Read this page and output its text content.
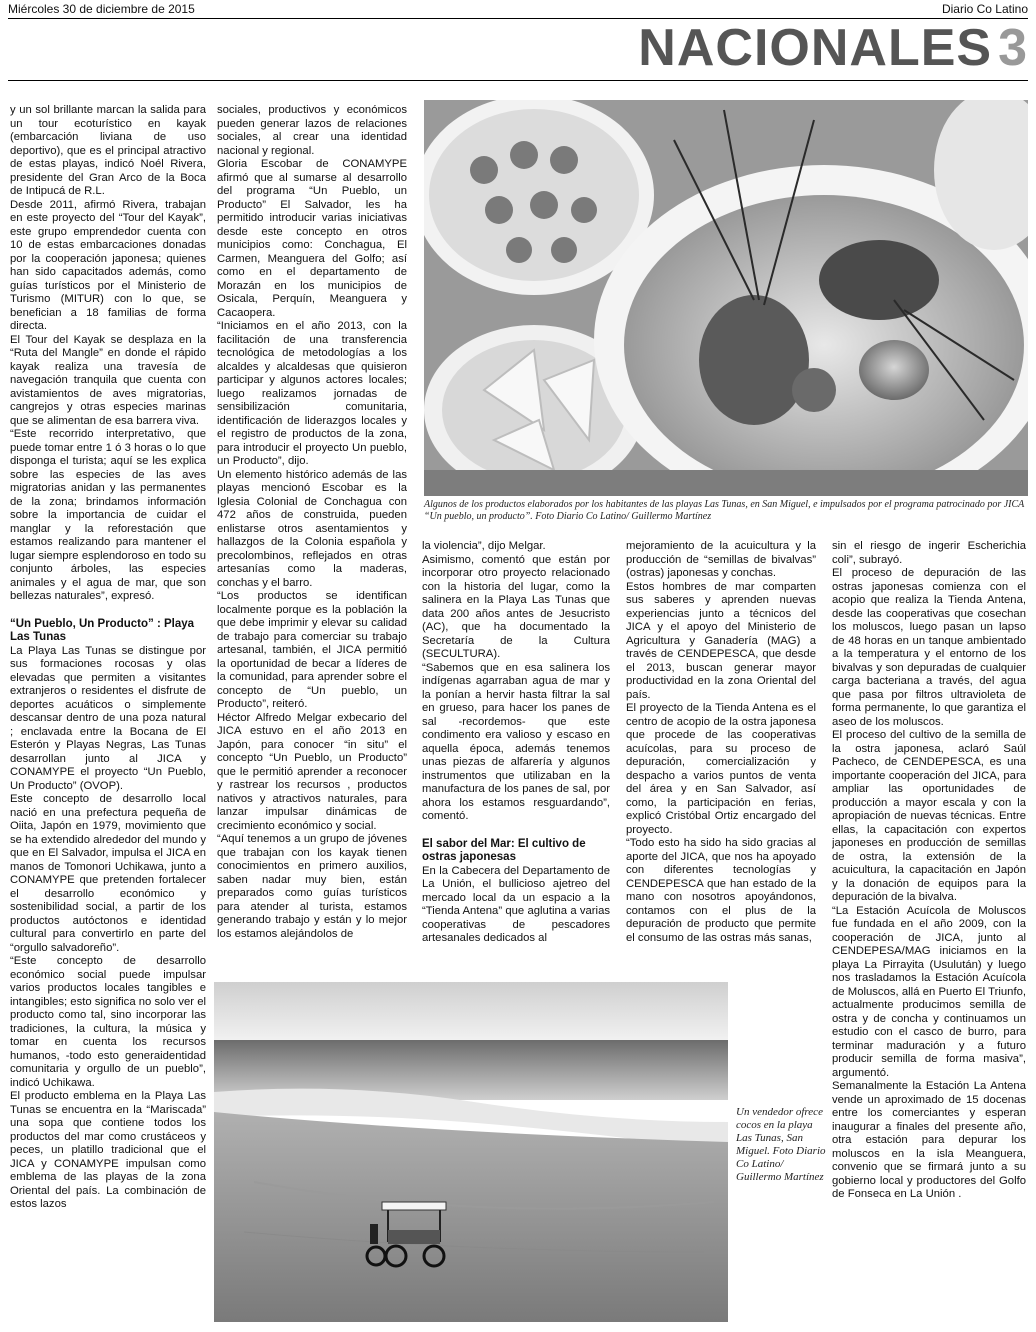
Miércoles 30 de diciembre de 2015	Diario Co Latino
NACIONALES 3

y un sol brillante marcan la salida para un tour ecoturístico en kayak (embarcación liviana de uso deportivo), que es el principal atractivo de estas playas, indicó Noél Rivera, presidente del Gran Arco de la Boca de Intipucá de R.L.

Desde 2011, afirmó Rivera, trabajan en este proyecto del “Tour del Kayak”, este grupo emprendedor cuenta con 10 de estas embarcaciones donadas por la cooperación japonesa; quienes han sido capacitados además, como guías turísticos por el Ministerio de Turismo (MITUR) con lo que, se benefician a 18 familias de forma directa.

El Tour del Kayak se desplaza en la “Ruta del Mangle” en donde el rápido kayak realiza una travesía de navegación tranquila que cuenta con avistamientos de aves migratorias, cangrejos y otras especies marinas que se alimentan de esa barrera viva.

“Este recorrido interpretativo, que puede tomar entre 1 ó 3 horas o lo que disponga el turista; aquí se les explica sobre las especies de las aves migratorias anidan y las permanentes de la zona; brindamos información sobre la importancia de cuidar el manglar y la reforestación que estamos realizando para mantener el lugar siempre esplendoroso en todo su conjunto árboles, las especies animales y el agua de mar, que son bellezas naturales”, expresó.

“Un Pueblo, Un Producto” : Playa Las Tunas

La Playa Las Tunas se distingue por sus formaciones rocosas y olas elevadas que permiten a visitantes extranjeros o residentes el disfrute de deportes acuáticos o simplemente descansar dentro de una poza natural ; enclavada entre la Bocana de El Esterón y Playas Negras, Las Tunas desarrollan junto al JICA y CONAMYPE el proyecto “Un Pueblo, Un Producto” (OVOP).

Este concepto de desarrollo local nació en una prefectura pequeña de Oiita, Japón en 1979, movimiento que se ha extendido alrededor del mundo y que en El Salvador, impulsa el JICA en manos de Tomonori Uchikawa, junto a CONAMYPE que pretenden fortalecer el desarrollo económico y sostenibilidad social, a partir de los productos autóctonos e identidad cultural para convertirlo en parte del “orgullo salvadoreño”.

“Este concepto de desarrollo económico social puede impulsar varios productos locales tangibles e intangibles; esto significa no solo ver el producto como tal, sino incorporar las tradiciones, la cultura, la música y tomar en cuenta los recursos humanos, -todo esto generaidentidad comunitaria y orgullo de un pueblo”, indicó Uchikawa.

El producto emblema en la Playa Las Tunas se encuentra en la “Mariscada” una sopa que contiene todos los productos del mar como crustáceos y peces, un platillo tradicional que el JICA y CONAMYPE impulsan como emblema de las playas de la zona Oriental del país. La combinación de estos lazos

sociales, productivos y económicos pueden generar lazos de relaciones sociales, al crear una identidad nacional y regional.

Gloria Escobar de CONAMYPE afirmó que al sumarse al desarrollo del programa “Un Pueblo, un Producto” El Salvador, les ha permitido introducir varias iniciativas desde este concepto en otros municipios como: Conchagua, El Carmen, Meanguera del Golfo; así como en el departamento de Morazán en los municipios de Osicala, Perquín, Meanguera y Cacaopera.

“Iniciamos en el año 2013, con la facilitación de una transferencia tecnológica de metodologías a los alcaldes y alcaldesas que quisieron participar y algunos actores locales; luego realizamos jornadas de sensibilización comunitaria, identificación de liderazgos locales y el registro de productos de la zona, para introducir el proyecto Un pueblo, un Producto”, dijo.

Un elemento histórico además de las playas mencionó Escobar es la Iglesia Colonial de Conchagua con 472 años de construida, pueden enlistarse otros asentamientos y hallazgos de la Colonia española y precolombinos, reflejados en otras artesanías como la maderas, conchas y el barro.

“Los productos se identifican localmente porque es la población la que debe imprimir y elevar su calidad de trabajo para comerciar su trabajo artesanal, también, el JICA permitió la oportunidad de becar a líderes de la comunidad, para aprender sobre el concepto de “Un pueblo, un Producto”, reiteró.

Héctor Alfredo Melgar exbecario del JICA estuvo en el año 2013 en Japón, para conocer “in situ” el concepto “Un Pueblo, un Producto” que le permitió aprender a reconocer y rastrear los recursos , productos nativos y atractivos naturales, para lanzar impulsar dinámicas de crecimiento económico y social.

“Aquí tenemos a un grupo de jóvenes que trabajan con los kayak tienen conocimientos en primero auxilios, saben nadar muy bien, están preparados como guías turísticos para atender al turista, estamos generando trabajo y están y lo mejor los estamos alejándolos de

Algunos de los productos elaborados por los habitantes de las playas Las Tunas, en San Miguel, e impulsados por el programa patrocinado por JICA “Un pueblo, un producto”. Foto Diario Co Latino/ Guillermo Martínez

la violencia”, dijo Melgar.

Asimismo, comentó que están por incorporar otro proyecto relacionado con la historia del lugar, como la salinera en la Playa Las Tunas que data 200 años antes de Jesucristo (AC), que ha documentado la Secretaría de la Cultura (SECULTURA).

“Sabemos que en esa salinera los indígenas agarraban agua de mar y la ponían a hervir hasta filtrar la sal en grueso, para hacer los panes de sal -recordemos- que este condimento era valioso y escaso en aquella época, además tenemos unas piezas de alfarería y algunos instrumentos que utilizaban en la manufactura de los panes de sal, por ahora los estamos resguardando”, comentó.

El sabor del Mar: El cultivo de ostras japonesas

En la Cabecera del Departamento de La Unión, el bullicioso ajetreo del mercado local da un espacio a la “Tienda Antena” que aglutina a varias cooperativas de pescadores artesanales dedicados al

mejoramiento de la acuicultura y la producción de “semillas de bivalvas” (ostras) japonesas y conchas.

Estos hombres de mar comparten sus saberes y aprenden nuevas experiencias junto a técnicos del JICA y el apoyo del Ministerio de Agricultura y Ganadería (MAG) a través de CENDEPESCA, que desde el 2013, buscan generar mayor productividad en la zona Oriental del país.

El proyecto de la Tienda Antena es el centro de acopio de la ostra japonesa que procede de las cooperativas acuícolas, para su proceso de depuración, comercialización y despacho a varios puntos de venta del área y en San Salvador, así como, la participación en ferias, explicó Cristóbal Ortiz encargado del proyecto.

“Todo esto ha sido ha sido gracias al aporte del JICA, que nos ha apoyado con diferentes tecnologías y CENDEPESCA que han estado de la mano con nosotros apoyándonos, contamos con el plus de la depuración de producto que permite el consumo de las ostras más sanas,

sin el riesgo de ingerir Escherichia coli”, subrayó.

El proceso de depuración de las ostras japonesas comienza con el acopio que realiza la Tienda Antena, desde las cooperativas que cosechan los moluscos, luego pasan un lapso de 48 horas en un tanque ambientado a la temperatura y el entorno de los bivalvas y son depuradas de cualquier carga bacteriana a través, del agua que pasa por filtros ultravioleta de forma permanente, lo que garantiza el aseo de los moluscos.

El proceso del cultivo de la semilla de la ostra japonesa, aclaró Saúl Pacheco, de CENDEPESCA, es una importante cooperación del JICA, para ampliar las oportunidades de producción a mayor escala y con la apropiación de nuevas técnicas. Entre ellas, la capacitación con expertos japoneses en producción de semillas de ostra, la extensión de la acuicultura, la capacitación en Japón y la donación de equipos para la depuración de la bivalva.

“La Estación Acuícola de Moluscos fue fundada en el año 2009, con la cooperación de JICA, junto al CENDEPESA/MAG iniciamos en la playa La Pirrayita (Usulután) y luego nos trasladamos la Estación Acuícola de Moluscos, allá en Puerto El Triunfo, actualmente producimos semilla de ostra y de concha y continuamos un estudio con el casco de burro, para terminar maduración y a futuro producir semilla de forma masiva”, argumentó.

Semanalmente la Estación La Antena vende un aproximado de 15 docenas entre los comerciantes y esperan inaugurar a finales del presente año, otra estación para depurar los moluscos en la isla Meanguera, convenio que se firmará junto a su gobierno local y productores del Golfo de Fonseca en La Unión .

Un vendedor ofrece cocos en la playa Las Tunas, San Miguel. Foto Diario Co Latino/ Guillermo Martínez
